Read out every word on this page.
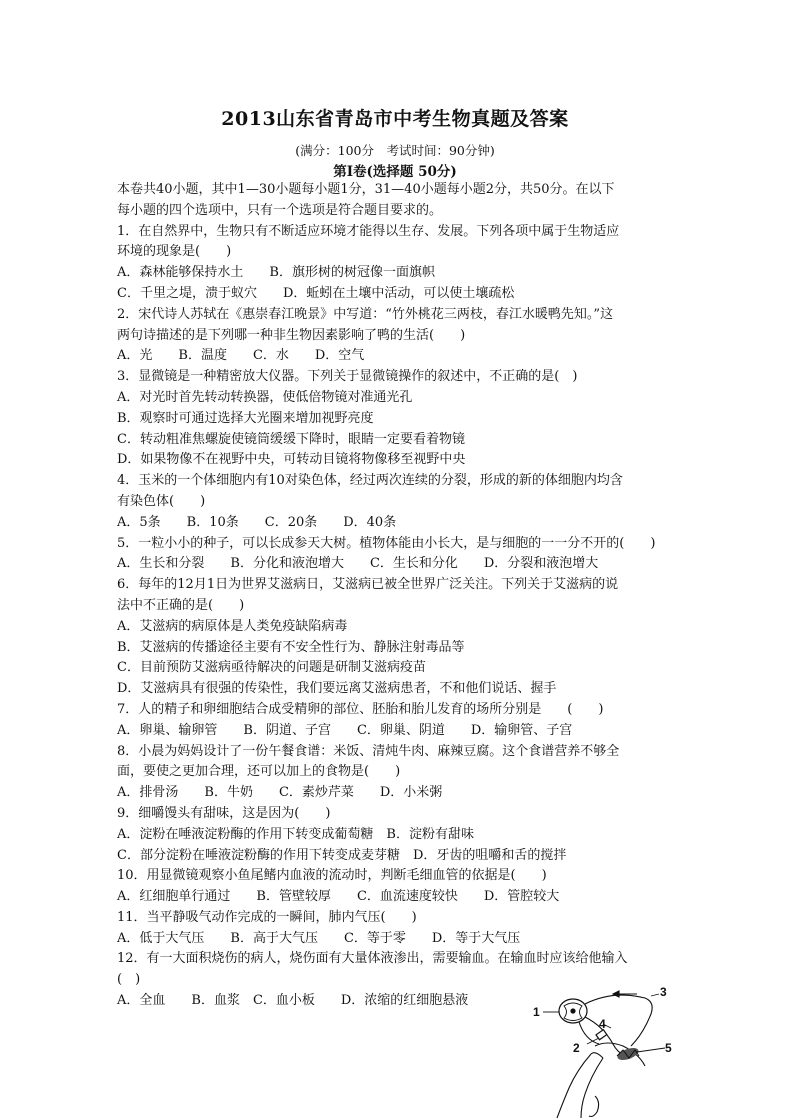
2013山东省青岛市中考生物真题及答案
(满分：100分　考试时间：90分钟)
第Ⅰ卷(选择题 50分)
本卷共40小题，其中1—30小题每小题1分，31—40小题每小题2分，共50分。在以下
每小题的四个选项中，只有一个选项是符合题目要求的。
1．在自然界中，生物只有不断适应环境才能得以生存、发展。下列各项中属于生物适应
环境的现象是(　　)
A．森林能够保持水土　　B．旗形树的树冠像一面旗帜
C．千里之堤，溃于蚁穴　　D．蚯蚓在土壤中活动，可以使土壤疏松
2．宋代诗人苏轼在《惠崇春江晚景》中写道：“竹外桃花三两枝，春江水暖鸭先知。”这
两句诗描述的是下列哪一种非生物因素影响了鸭的生活(　　)
A．光　　B．温度　　C．水　　D．空气
3．显微镜是一种精密放大仪器。下列关于显微镜操作的叙述中，不正确的是(　)
A．对光时首先转动转换器，使低倍物镜对准通光孔
B．观察时可通过选择大光圈来增加视野亮度
C．转动粗准焦螺旋使镜筒缓缓下降时，眼睛一定要看着物镜
D．如果物像不在视野中央，可转动目镜将物像移至视野中央
4．玉米的一个体细胞内有10对染色体，经过两次连续的分裂，形成的新的体细胞内均含
有染色体(　　)
A．5条　　B．10条　　C．20条　　D．40条
5．一粒小小的种子，可以长成参天大树。植物体能由小长大，是与细胞的一一分不开的(　　)
A．生长和分裂　　B．分化和液泡增大　　C．生长和分化　　D．分裂和液泡增大
6．每年的12月1日为世界艾滋病日，艾滋病已被全世界广泛关注。下列关于艾滋病的说
法中不正确的是(　　)
A．艾滋病的病原体是人类免疫缺陷病毒
B．艾滋病的传播途径主要有不安全性行为、静脉注射毒品等
C．目前预防艾滋病亟待解决的问题是研制艾滋病疫苗
D．艾滋病具有很强的传染性，我们要远离艾滋病患者，不和他们说话、握手
7．人的精子和卵细胞结合成受精卵的部位、胚胎和胎儿发育的场所分别是　　(　　)
A．卵巢、输卵管　　B．阴道、子宫　　C．卵巢、阴道　　D．输卵管、子宫
8．小晨为妈妈设计了一份午餐食谱：米饭、清炖牛肉、麻辣豆腐。这个食谱营养不够全
面，要使之更加合理，还可以加上的食物是(　　)
A．排骨汤　　B．牛奶　　C．素炒芹菜　　D．小米粥
9．细嚼馒头有甜味，这是因为(　　)
A．淀粉在唾液淀粉酶的作用下转变成葡萄糖　B．淀粉有甜味
C．部分淀粉在唾液淀粉酶的作用下转变成麦芽糖　D．牙齿的咀嚼和舌的搅拌
10．用显微镜观察小鱼尾鳍内血液的流动时，判断毛细血管的依据是(　　)
A．红细胞单行通过　　B．管壁较厚　　C．血流速度较快　　D．管腔较大
11．当平静吸气动作完成的一瞬间，肺内气压(　　)
A．低于大气压　　B．高于大气压　　C．等于零　　D．等于大气压
12．有一大面积烧伤的病人，烧伤面有大量体液渗出，需要输血。在输血时应该给他输入
(　)
A．全血　　B．血浆　C．血小板　　D．浓缩的红细胞悬液
1
2
3
4
5
